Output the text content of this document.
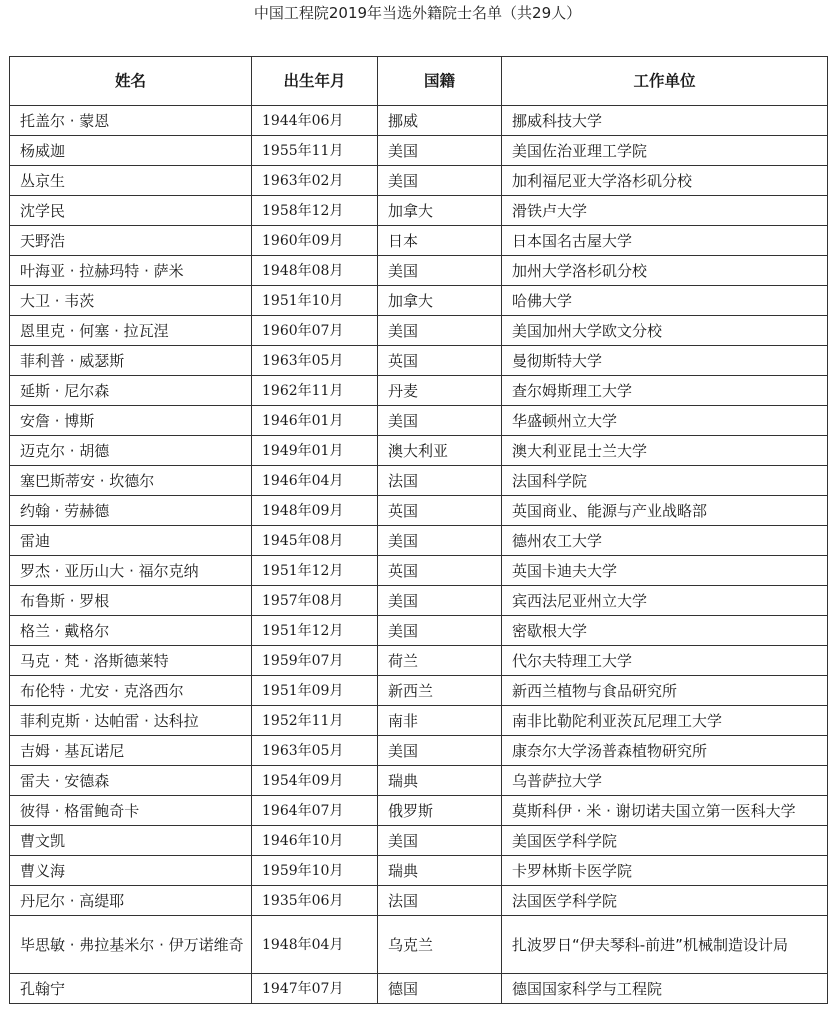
中国工程院2019年当选外籍院士名单（共29人）
姓名	出生年月	国籍	工作单位
托盖尔 · 蒙恩	1944年06月	挪威	挪威科技大学
杨威迦	1955年11月	美国	美国佐治亚理工学院
丛京生	1963年02月	美国	加利福尼亚大学洛杉矶分校
沈学民	1958年12月	加拿大	滑铁卢大学
天野浩	1960年09月	日本	日本国名古屋大学
叶海亚 · 拉赫玛特 · 萨米	1948年08月	美国	加州大学洛杉矶分校
大卫 · 韦茨	1951年10月	加拿大	哈佛大学
恩里克 · 何塞 · 拉瓦涅	1960年07月	美国	美国加州大学欧文分校
菲利普 · 威瑟斯	1963年05月	英国	曼彻斯特大学
延斯 · 尼尔森	1962年11月	丹麦	查尔姆斯理工大学
安詹 · 博斯	1946年01月	美国	华盛顿州立大学
迈克尔 · 胡德	1949年01月	澳大利亚	澳大利亚昆士兰大学
塞巴斯蒂安 · 坎德尔	1946年04月	法国	法国科学院
约翰 · 劳赫德	1948年09月	英国	英国商业、能源与产业战略部
雷迪	1945年08月	美国	德州农工大学
罗杰 · 亚历山大 · 福尔克纳	1951年12月	英国	英国卡迪夫大学
布鲁斯 · 罗根	1957年08月	美国	宾西法尼亚州立大学
格兰 · 戴格尔	1951年12月	美国	密歇根大学
马克 · 梵 · 洛斯德莱特	1959年07月	荷兰	代尔夫特理工大学
布伦特 · 尤安 · 克洛西尔	1951年09月	新西兰	新西兰植物与食品研究所
菲利克斯 · 达帕雷 · 达科拉	1952年11月	南非	南非比勒陀利亚茨瓦尼理工大学
吉姆 · 基瓦诺尼	1963年05月	美国	康奈尔大学汤普森植物研究所
雷夫 · 安德森	1954年09月	瑞典	乌普萨拉大学
彼得 · 格雷鲍奇卡	1964年07月	俄罗斯	莫斯科伊 · 米 · 谢切诺夫国立第一医科大学
曹文凯	1946年10月	美国	美国医学科学院
曹义海	1959年10月	瑞典	卡罗林斯卡医学院
丹尼尔 · 高缇耶	1935年06月	法国	法国医学科学院
毕思敏 · 弗拉基米尔 · 伊万诺维奇	1948年04月	乌克兰	扎波罗日“伊夫琴科-前进”机械制造设计局
孔翰宁	1947年07月	德国	德国国家科学与工程院
